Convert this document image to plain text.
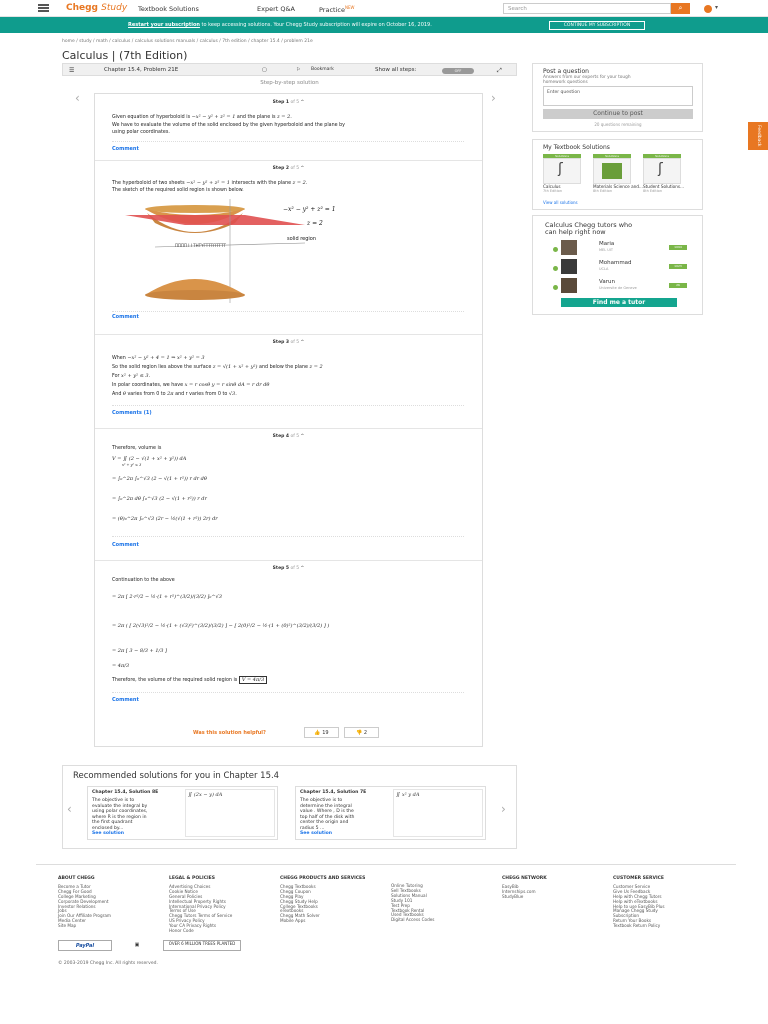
Chegg Study Textbook Solutions	Expert Q&A	Practice$^{NEW}$	Search	⌕	▾
Restart your subscription to keep accessing solutions. Your Chegg Study subscription will expire on October 16, 2019.	CONTINUE MY SUBSCRIPTION
home / study / math / calculus / calculus solutions manuals / calculus / 7th edition / chapter 15.4 / problem 21e
Calculus | (7th Edition)
☰	Chapter 15.4, Problem 21E	▢	⚐ Bookmark	Show all steps:	OFF	⤢
Step-by-step solution
‹	›
Step 1 of 5 ^
Given equation of hyperboloid is −x² − y² + z² = 1 and the plane is z = 2.
We have to evaluate the volume of the solid enclosed by the given hyperboloid and the plane by
using polar coordinates.
Comment
Step 2 of 5 ^
The hyperboloid of two sheets −x² − y² + z² = 1 intersects with the plane z = 2.
The sketch of the required solid region is shown below.
ΠΠΠΠ Ι Ι ΤΗΤΥΓΤΤΤΠΤΤΤΤ
−x² − y² + z² = 1
z = 2
solid region
Comment
Step 3 of 5 ^
When −x² − y² + 4 = 1 ⇒ x² + y² = 3
So the solid region lies above the surface z = √(1 + x² + y²) and below the plane z = 2
For x² + y² ≤ 3.
In polar coordinates, we have x = r cosθ y = r sinθ dA = r dr dθ
And θ varies from 0 to 2π and r varies from 0 to √3.
Comments (1)
Step 4 of 5 ^
Therefore, volume is
V = ∬ (2 − √(1 + x² + y²)) dA
x² + y² ≤ 3
= ∫₀^2π ∫₀^√3 (2 − √(1 + r²)) r dr dθ
= ∫₀^2π dθ ∫₀^√3 (2 − √(1 + r²)) r dr
= (θ)₀^2π ∫₀^√3 (2r − ½(√(1 + r²)) 2r) dr
Comment
Step 5 of 5 ^
Continuation to the above
= 2π [ 2·r²/2 − ½·(1 + r²)^(3/2)/(3/2) ]₀^√3
= 2π ( [ 2(√3)²/2 − ½·(1 + (√3)²)^(3/2)/(3/2) ] − [ 2(0)²/2 − ½·(1 + (0)²)^(3/2)/(3/2) ] )
= 2π [ 3 − 8/3 + 1/3 ]
= 4π/3
Therefore, the volume of the required solid region is V = 4π/3
Comment
Was this solution helpful?	👍 19	👎 2
Recommended solutions for you in Chapter 15.4
‹	›
Chapter 15.4, Solution 8E
The objective is to
evaluate the integral by
using polar coordinates,
where R is the region in
the first quadrant
enclosed by...
See solution
∬ (2x − y) dA	Chapter 15.4, Solution 7E
The objective is to
determine the integral
value . Where , D is the
top half of the disk with
center the origin and
radius 5 ...
See solution
∬ x² y dA
Post a question
Answers from our experts for your tough
homework questions
Enter question
Continue to post
20 questions remaining
My Textbook Solutions
Solutions
ʃ
Calculus
7th Edition
Solutions
Materials Science and...
8th Edition
Solutions
ʃ
Student Solutions...
8th Edition
View all solutions
Calculus Chegg tutors who
can help right now
Maria
MEL UIT
1094
Mohammad
UCLA
1023
Varun
Universite de Geneve
26
Find me a tutor
Feedback
ABOUT CHEGG
Become a Tutor
Chegg For Good
College Marketing
Corporate Development
Investor Relations
Jobs
Join Our Affiliate Program
Media Center
Site Map
LEGAL & POLICIES
Advertising Choices
Cookie Notice
General Policies
Intellectual Property Rights
International Privacy Policy
Terms of Use
Chegg Tutors Terms of Service
US Privacy Policy
Your CA Privacy Rights
Honor Code
CHEGG PRODUCTS AND SERVICES
Chegg Textbooks
Chegg Coupon
Chegg Play
Chegg Study Help
College Textbooks
eTextbooks
Chegg Math Solver
Mobile Apps
Online Tutoring
Sell Textbooks
Solutions Manual
Study 101
Test Prep
Textbook Rental
Used Textbooks
Digital Access Codes
CHEGG NETWORK
EasyBib
Internships.com
StudyBlue
CUSTOMER SERVICE
Customer Service
Give Us Feedback
Help with Chegg Tutors
Help with eTextbooks
Help to use EasyBib Plus
Manage Chegg Study
Subscription
Return Your Books
Textbook Return Policy
PayPal	▣	OVER 6 MILLION TREES PLANTED
© 2003-2019 Chegg Inc. All rights reserved.
